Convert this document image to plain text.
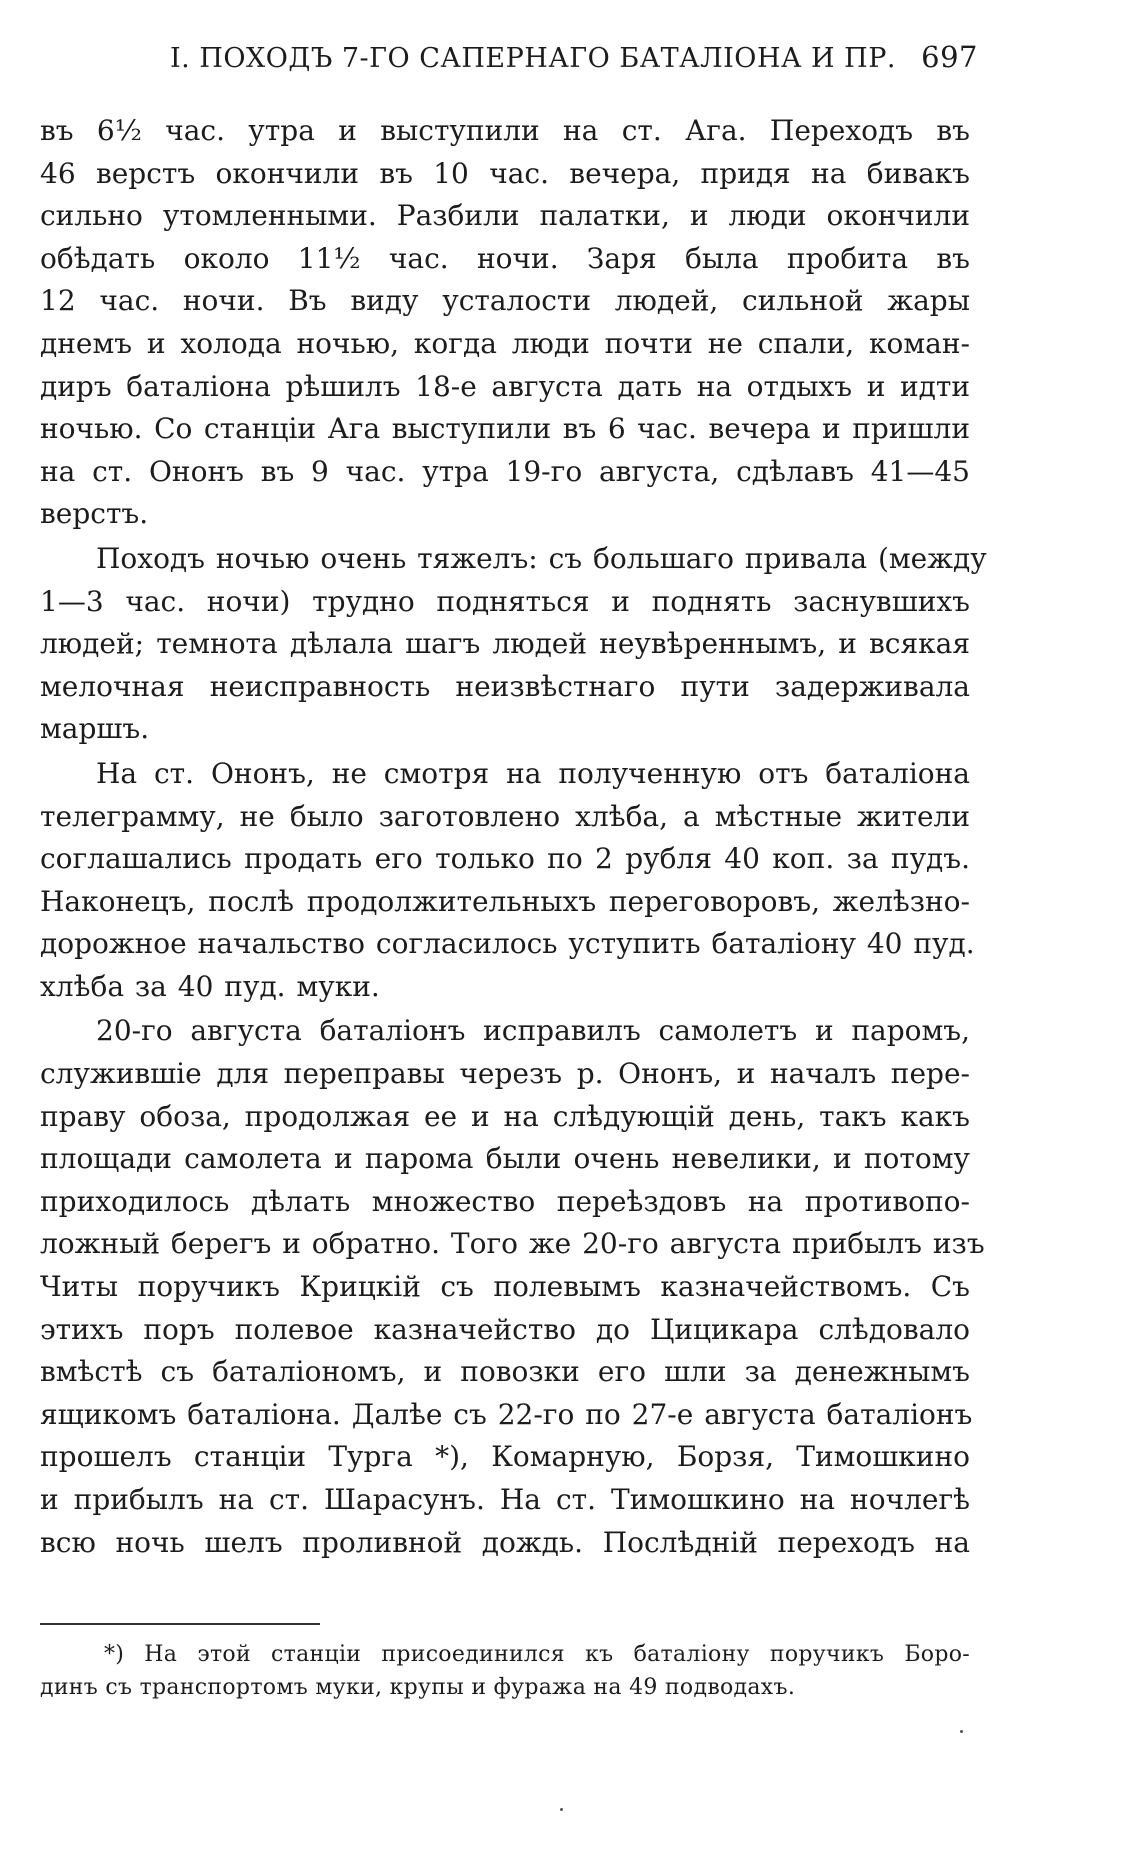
I. ПОХОДЪ 7-ГО САПЕРНАГО БАТАЛІОНА И ПР. 697
въ 6½ час. утра и выступили на ст. Ага. Переходъ въ
46 верстъ окончили въ 10 час. вечера, придя на бивакъ
сильно утомленными. Разбили палатки, и люди окончили
обѣдать около 11½ час. ночи. Заря была пробита въ
12 час. ночи. Въ виду усталости людей, сильной жары
днемъ и холода ночью, когда люди почти не спали, коман-
диръ баталіона рѣшилъ 18-е августа дать на отдыхъ и идти
ночью. Со станціи Ага выступили въ 6 час. вечера и пришли
на ст. Ононъ въ 9 час. утра 19-го августа, сдѣлавъ 41—45
верстъ.
Походъ ночью очень тяжелъ: съ большаго привала (между
1—3 час. ночи) трудно подняться и поднять заснувшихъ
людей; темнота дѣлала шагъ людей неувѣреннымъ, и всякая
мелочная неисправность неизвѣстнаго пути задерживала
маршъ.
На ст. Ононъ, не смотря на полученную отъ баталіона
телеграмму, не было заготовлено хлѣба, а мѣстные жители
соглашались продать его только по 2 рубля 40 коп. за пудъ.
Наконецъ, послѣ продолжительныхъ переговоровъ, желѣзно-
дорожное начальство согласилось уступить баталіону 40 пуд.
хлѣба за 40 пуд. муки.
20-го августа баталіонъ исправилъ самолетъ и паромъ,
служившіе для переправы черезъ р. Ононъ, и началъ пере-
праву обоза, продолжая ее и на слѣдующій день, такъ какъ
площади самолета и парома были очень невелики, и потому
приходилось дѣлать множество переѣздовъ на противопо-
ложный берегъ и обратно. Того же 20-го августа прибылъ изъ
Читы поручикъ Крицкій съ полевымъ казначействомъ. Съ
этихъ поръ полевое казначейство до Цицикара слѣдовало
вмѣстѣ съ баталіономъ, и повозки его шли за денежнымъ
ящикомъ баталіона. Далѣе съ 22-го по 27-е августа баталіонъ
прошелъ станціи Турга *), Комарную, Борзя, Тимошкино
и прибылъ на ст. Шарасунъ. На ст. Тимошкино на ночлегѣ
всю ночь шелъ проливной дождь. Послѣдній переходъ на
*) На этой станціи присоединился къ баталіону поручикъ Боро-
динъ съ транспортомъ муки, крупы и фуража на 49 подводахъ.
